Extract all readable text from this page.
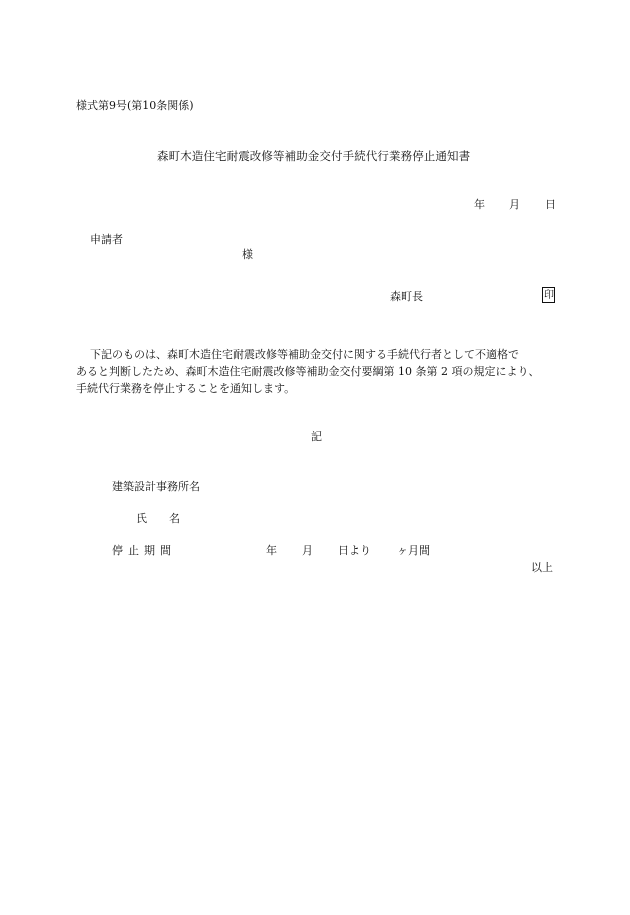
様式第9号(第10条関係)
森町木造住宅耐震改修等補助金交付手続代行業務停止通知書
年 月 日
申請者
様
森町長	印
下記のものは、森町木造住宅耐震改修等補助金交付に関する手続代行者として不適格で
あると判断したため、森町木造住宅耐震改修等補助金交付要綱第 10 条第 2 項の規定により、
手続代行業務を停止することを通知します。
記
建築設計事務所名
氏 名
停 止 期 間	年 月 日より ヶ月間
以上
